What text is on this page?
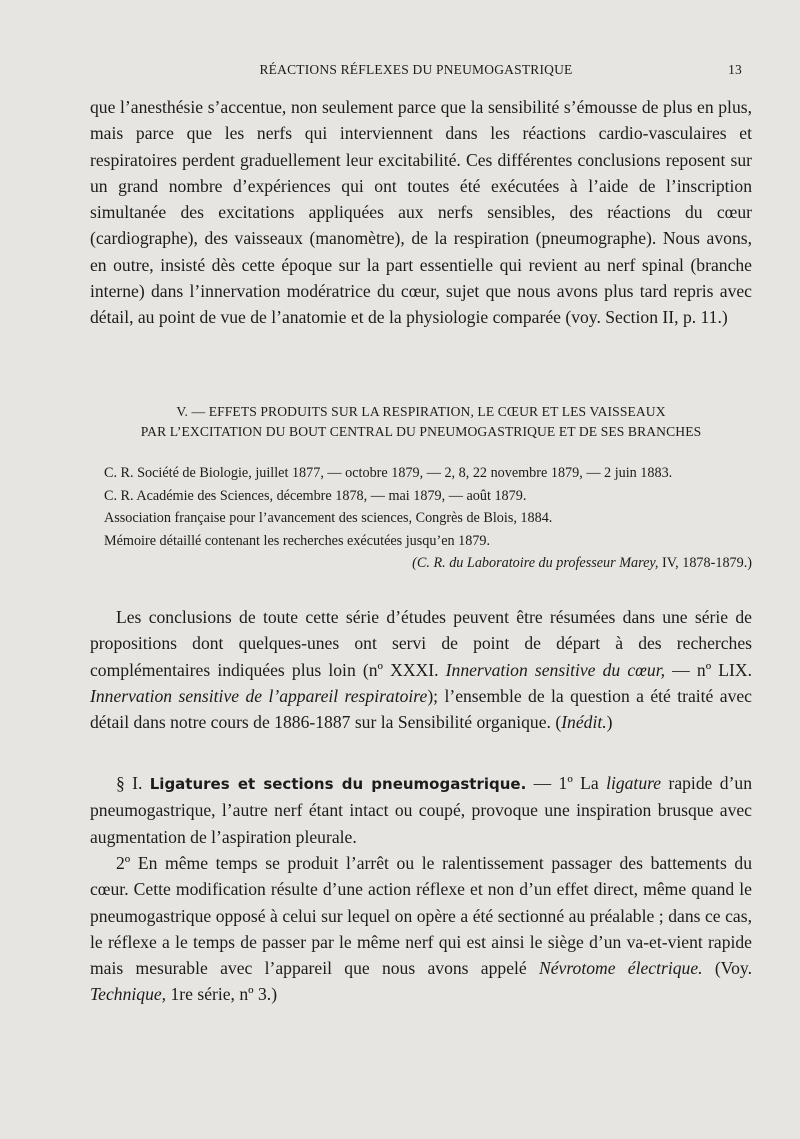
RÉACTIONS RÉFLEXES DU PNEUMOGASTRIQUE	13

que l’anesthésie s’accentue, non seulement parce que la sensibilité s’émousse de plus en plus, mais parce que les nerfs qui interviennent dans les réactions cardio-vasculaires et respiratoires perdent graduellement leur excitabilité. Ces différentes conclusions reposent sur un grand nombre d’expériences qui ont toutes été exécutées à l’aide de l’inscription simultanée des excitations appliquées aux nerfs sensibles, des réactions du cœur (cardiographe), des vaisseaux (manomètre), de la respiration (pneumographe). Nous avons, en outre, insisté dès cette époque sur la part essentielle qui revient au nerf spinal (branche interne) dans l’innervation modératrice du cœur, sujet que nous avons plus tard repris avec détail, au point de vue de l’anatomie et de la physiologie comparée (voy. Section II, p. 11.)

V. — EFFETS PRODUITS SUR LA RESPIRATION, LE CŒUR ET LES VAISSEAUX
PAR L’EXCITATION DU BOUT CENTRAL DU PNEUMOGASTRIQUE ET DE SES BRANCHES
C. R. Société de Biologie, juillet 1877, — octobre 1879, — 2, 8, 22 novembre 1879, — 2 juin 1883.
C. R. Académie des Sciences, décembre 1878, — mai 1879, — août 1879.
Association française pour l’avancement des sciences, Congrès de Blois, 1884.
Mémoire détaillé contenant les recherches exécutées jusqu’en 1879.
(C. R. du Laboratoire du professeur Marey, IV, 1878-1879.)

Les conclusions de toute cette série d’études peuvent être résumées dans une série de propositions dont quelques-unes ont servi de point de départ à des recherches complémentaires indiquées plus loin (nº XXXI. Innervation sensitive du cœur, — nº LIX. Innervation sensitive de l’appareil respiratoire); l’ensemble de la question a été traité avec détail dans notre cours de 1886-1887 sur la Sensibilité organique. (Inédit.)

§ I. Ligatures et sections du pneumogastrique. — 1º La ligature rapide d’un pneumogastrique, l’autre nerf étant intact ou coupé, provoque une inspiration brusque avec augmentation de l’aspiration pleurale.

2º En même temps se produit l’arrêt ou le ralentissement passager des battements du cœur. Cette modification résulte d’une action réflexe et non d’un effet direct, même quand le pneumogastrique opposé à celui sur lequel on opère a été sectionné au préalable ; dans ce cas, le réflexe a le temps de passer par le même nerf qui est ainsi le siège d’un va-et-vient rapide mais mesurable avec l’appareil que nous avons appelé Névrotome électrique. (Voy. Technique, 1re série, nº 3.)
